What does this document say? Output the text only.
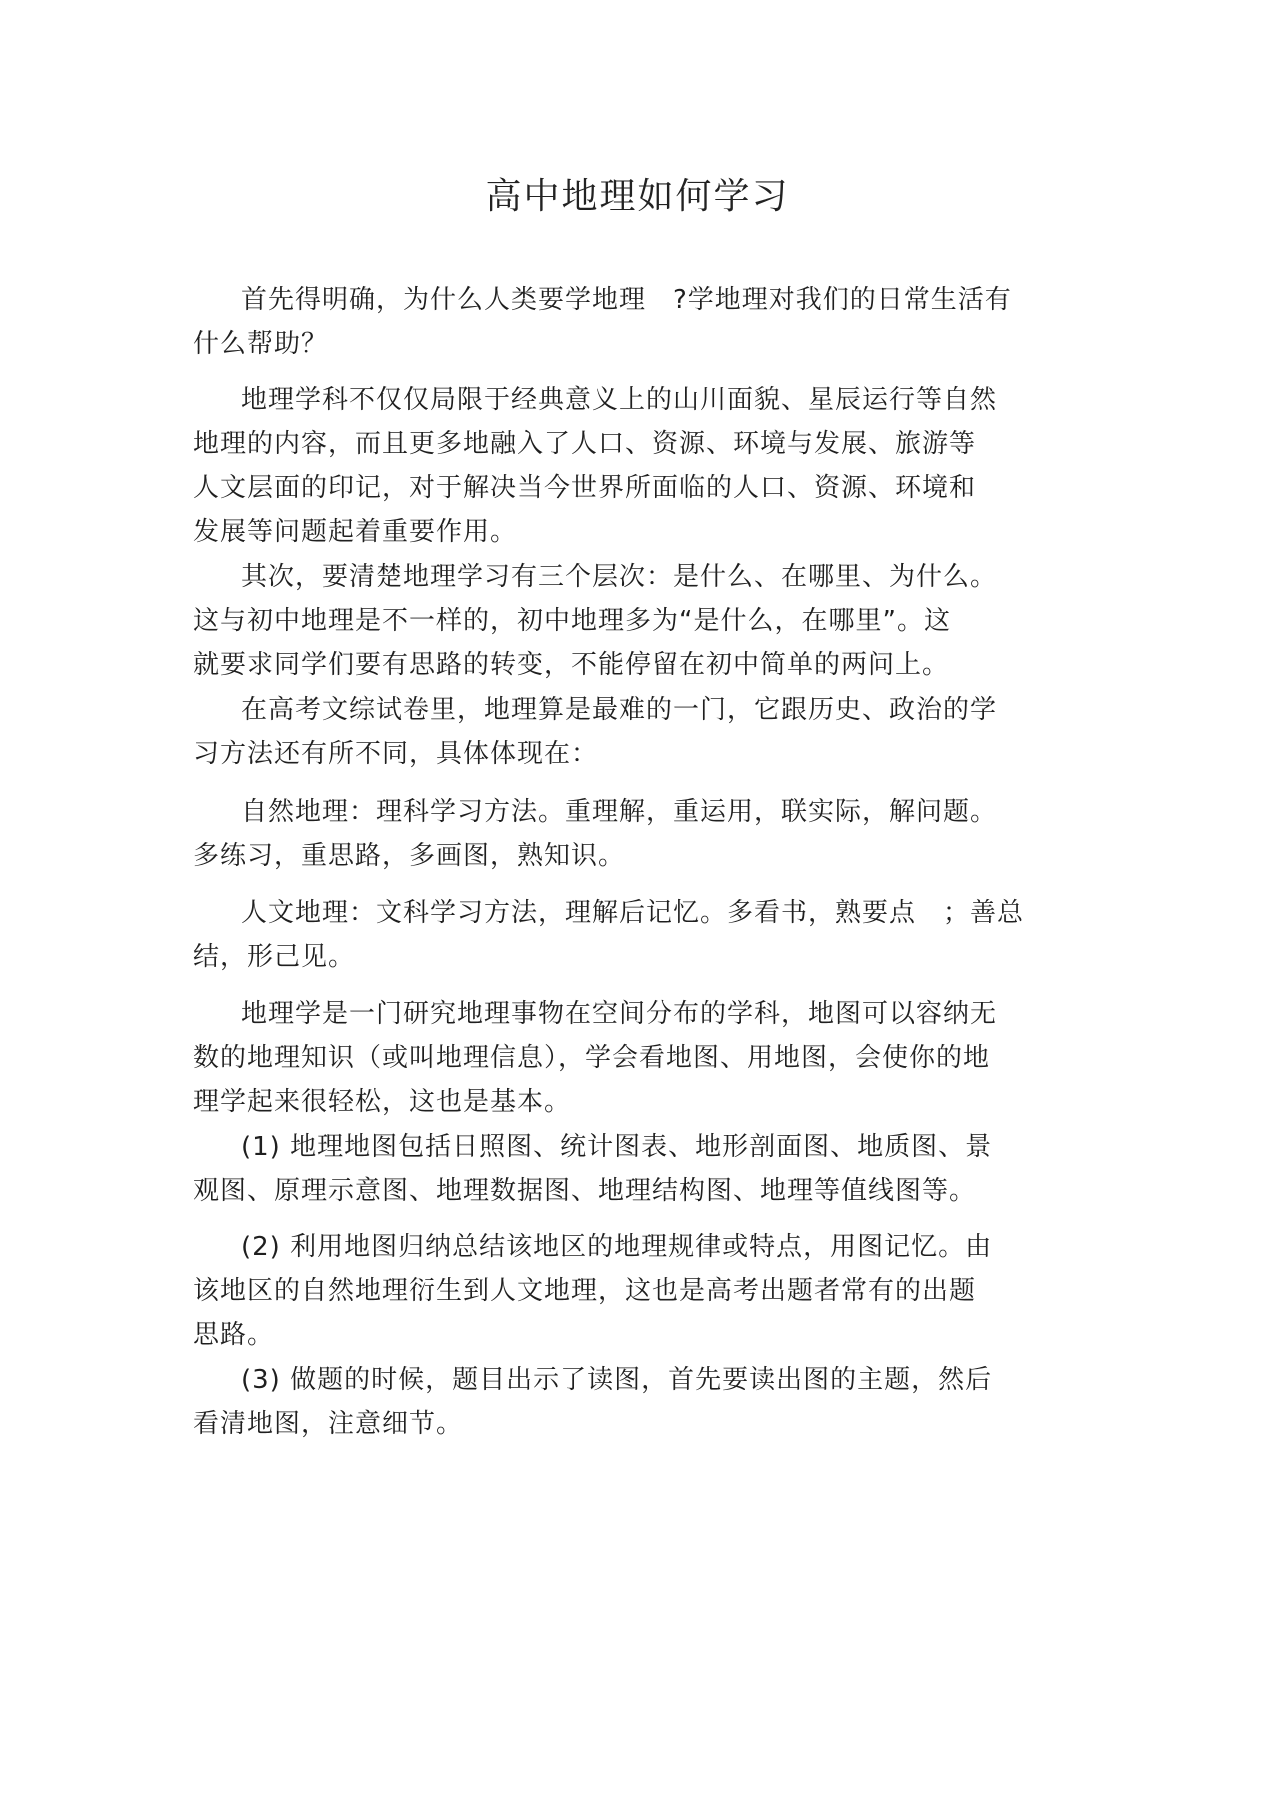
高中地理如何学习
首先得明确，为什么人类要学地理　?学地理对我们的日常生活有
什么帮助？
地理学科不仅仅局限于经典意义上的山川面貌、星辰运行等自然
地理的内容，而且更多地融入了人口、资源、环境与发展、旅游等
人文层面的印记，对于解决当今世界所面临的人口、资源、环境和
发展等问题起着重要作用。
其次，要清楚地理学习有三个层次：是什么、在哪里、为什么。
这与初中地理是不一样的，初中地理多为“是什么，在哪里”。这
就要求同学们要有思路的转变，不能停留在初中简单的两问上。
在高考文综试卷里，地理算是最难的一门，它跟历史、政治的学
习方法还有所不同，具体体现在：
自然地理：理科学习方法。重理解，重运用，联实际，解问题。
多练习，重思路，多画图，熟知识。
人文地理：文科学习方法，理解后记忆。多看书，熟要点　；善总
结，形己见。
地理学是一门研究地理事物在空间分布的学科，地图可以容纳无
数的地理知识（或叫地理信息），学会看地图、用地图，会使你的地
理学起来很轻松，这也是基本。
(1) 地理地图包括日照图、统计图表、地形剖面图、地质图、景
观图、原理示意图、地理数据图、地理结构图、地理等值线图等。
(2) 利用地图归纳总结该地区的地理规律或特点，用图记忆。由
该地区的自然地理衍生到人文地理，这也是高考出题者常有的出题
思路。
(3) 做题的时候，题目出示了读图，首先要读出图的主题，然后
看清地图，注意细节。
